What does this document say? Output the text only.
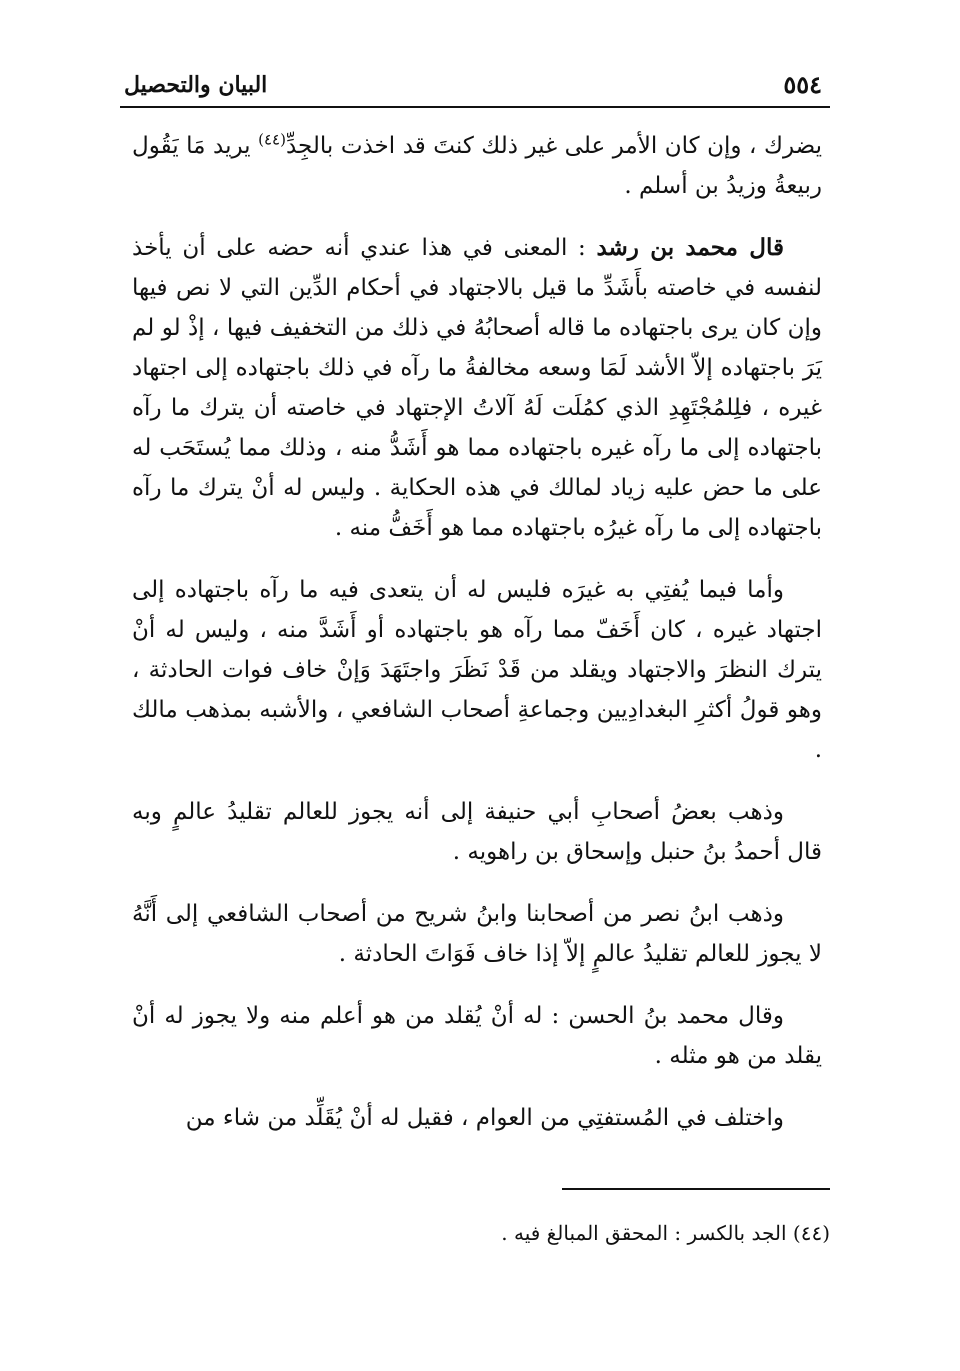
٥٥٤
البيان والتحصيل

يضرك ، وإن كان الأمر على غير ذلك كنتَ قد اخذت بالجِدِّ$^{(٤٤)}$ يريد مَا يَقُول ربيعةُ وزيدُ بن أسلم .

قال محمد بن رشد : المعنى في هذا عندي أنه حضه على أن يأخذ لنفسه في خاصته بأَشَدِّ ما قيل بالاجتهاد في أحكام الدِّين التي لا نص فيها وإن كان يرى باجتهاده ما قاله أصحابُهُ في ذلك من التخفيف فيها ، إذْ لو لم يَرَ باجتهاده إلاّ الأشد لَمَا وسعه مخالفةُ ما رآه في ذلك باجتهاده إلى اجتهاد غيره ، فلِلمُجْتَهِدِ الذي كمُلَت لَهُ آلاتُ الإجتهاد في خاصته أن يترك ما رآه باجتهاده إلى ما رآه غيره باجتهاده مما هو أَشَدُّ منه ، وذلك مما يُستَحَب له على ما حض عليه زياد لمالك في هذه الحكاية . وليس له أنْ يترك ما رآه باجتهاده إلى ما رآه غيرُه باجتهاده مما هو أَخَفُّ منه .

وأما فيما يُفتِي به غيرَه فليس له أن يتعدى فيه ما رآه باجتهاده إلى اجتهاد غيره ، كان أَخَفّ مما رآه هو باجتهاده أو أَشَدَّ منه ، وليس له أنْ يترك النظرَ والاجتهاد ويقلد من قَدْ نَظَرَ واجتَهَدَ وَإنْ خاف فوات الحادثة ، وهو قولُ أكثرِ البغدادِيين وجماعةِ أصحاب الشافعي ، والأشبه بمذهب مالك .

وذهب بعضُ أصحابِ أبي حنيفة إلى أنه يجوز للعالم تقليدُ عالمٍ وبه قال أحمدُ بنُ حنبل وإسحاق بن راهويه .

وذهب ابنُ نصر من أصحابنا وابنُ شريح من أصحاب الشافعي إلى أَنَّهُ لا يجوز للعالم تقليدُ عالمٍ إلاّ إذا خاف فَوَاتَ الحادثة .

وقال محمد بنُ الحسن : له أنْ يُقلد من هو أعلم منه ولا يجوز له أنْ يقلد من هو مثله .

واختلف في المُستفتِي من العوام ، فقيل له أنْ يُقَلِّد من شاء من

(٤٤) الجد بالكسر : المحقق المبالغ فيه .
